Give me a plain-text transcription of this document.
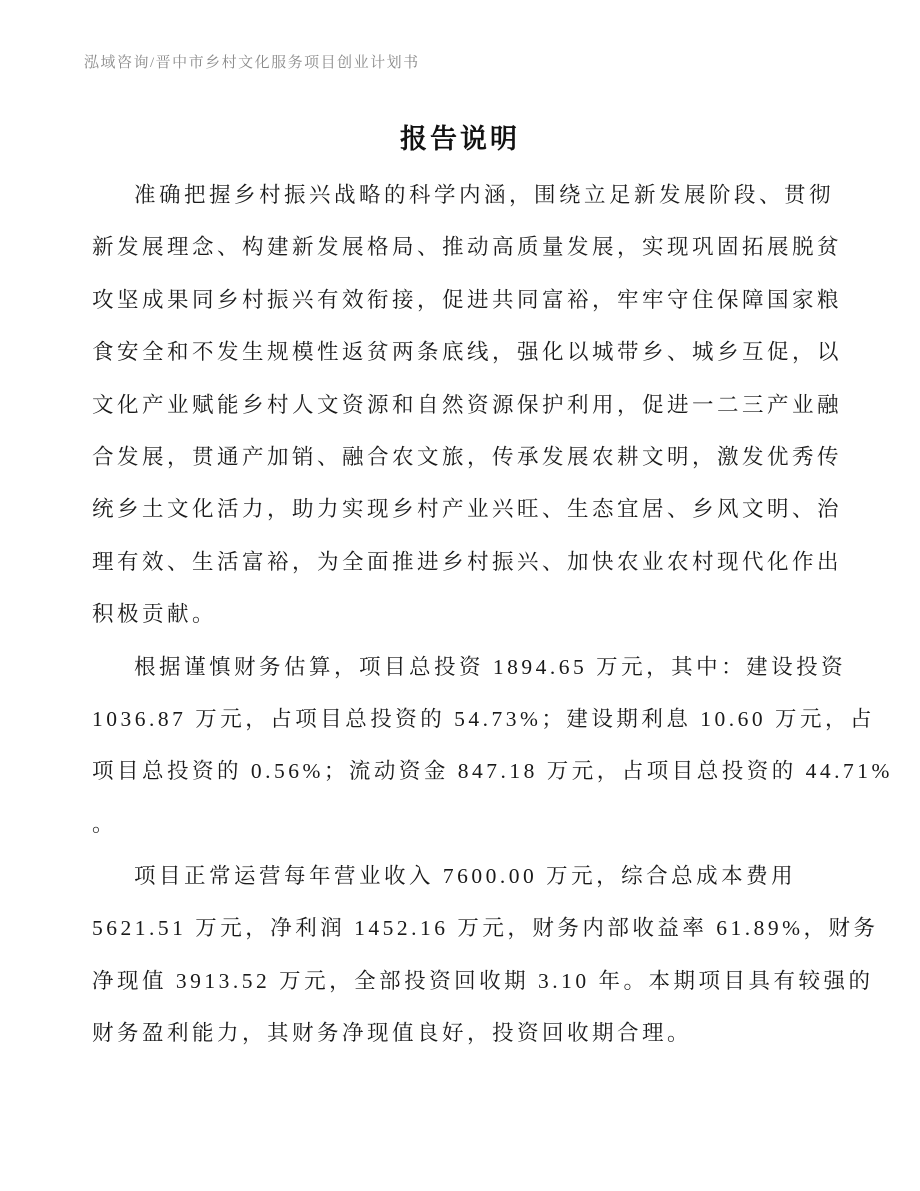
泓域咨询/晋中市乡村文化服务项目创业计划书
报告说明
准确把握乡村振兴战略的科学内涵，围绕立足新发展阶段、贯彻
新发展理念、构建新发展格局、推动高质量发展，实现巩固拓展脱贫
攻坚成果同乡村振兴有效衔接，促进共同富裕，牢牢守住保障国家粮
食安全和不发生规模性返贫两条底线，强化以城带乡、城乡互促，以
文化产业赋能乡村人文资源和自然资源保护利用，促进一二三产业融
合发展，贯通产加销、融合农文旅，传承发展农耕文明，激发优秀传
统乡土文化活力，助力实现乡村产业兴旺、生态宜居、乡风文明、治
理有效、生活富裕，为全面推进乡村振兴、加快农业农村现代化作出
积极贡献。
根据谨慎财务估算，项目总投资 1894.65 万元，其中：建设投资
1036.87 万元，占项目总投资的 54.73%；建设期利息 10.60 万元，占
项目总投资的 0.56%；流动资金 847.18 万元，占项目总投资的 44.71%
。
项目正常运营每年营业收入 7600.00 万元，综合总成本费用
5621.51 万元，净利润 1452.16 万元，财务内部收益率 61.89%，财务
净现值 3913.52 万元，全部投资回收期 3.10 年。本期项目具有较强的
财务盈利能力，其财务净现值良好，投资回收期合理。
